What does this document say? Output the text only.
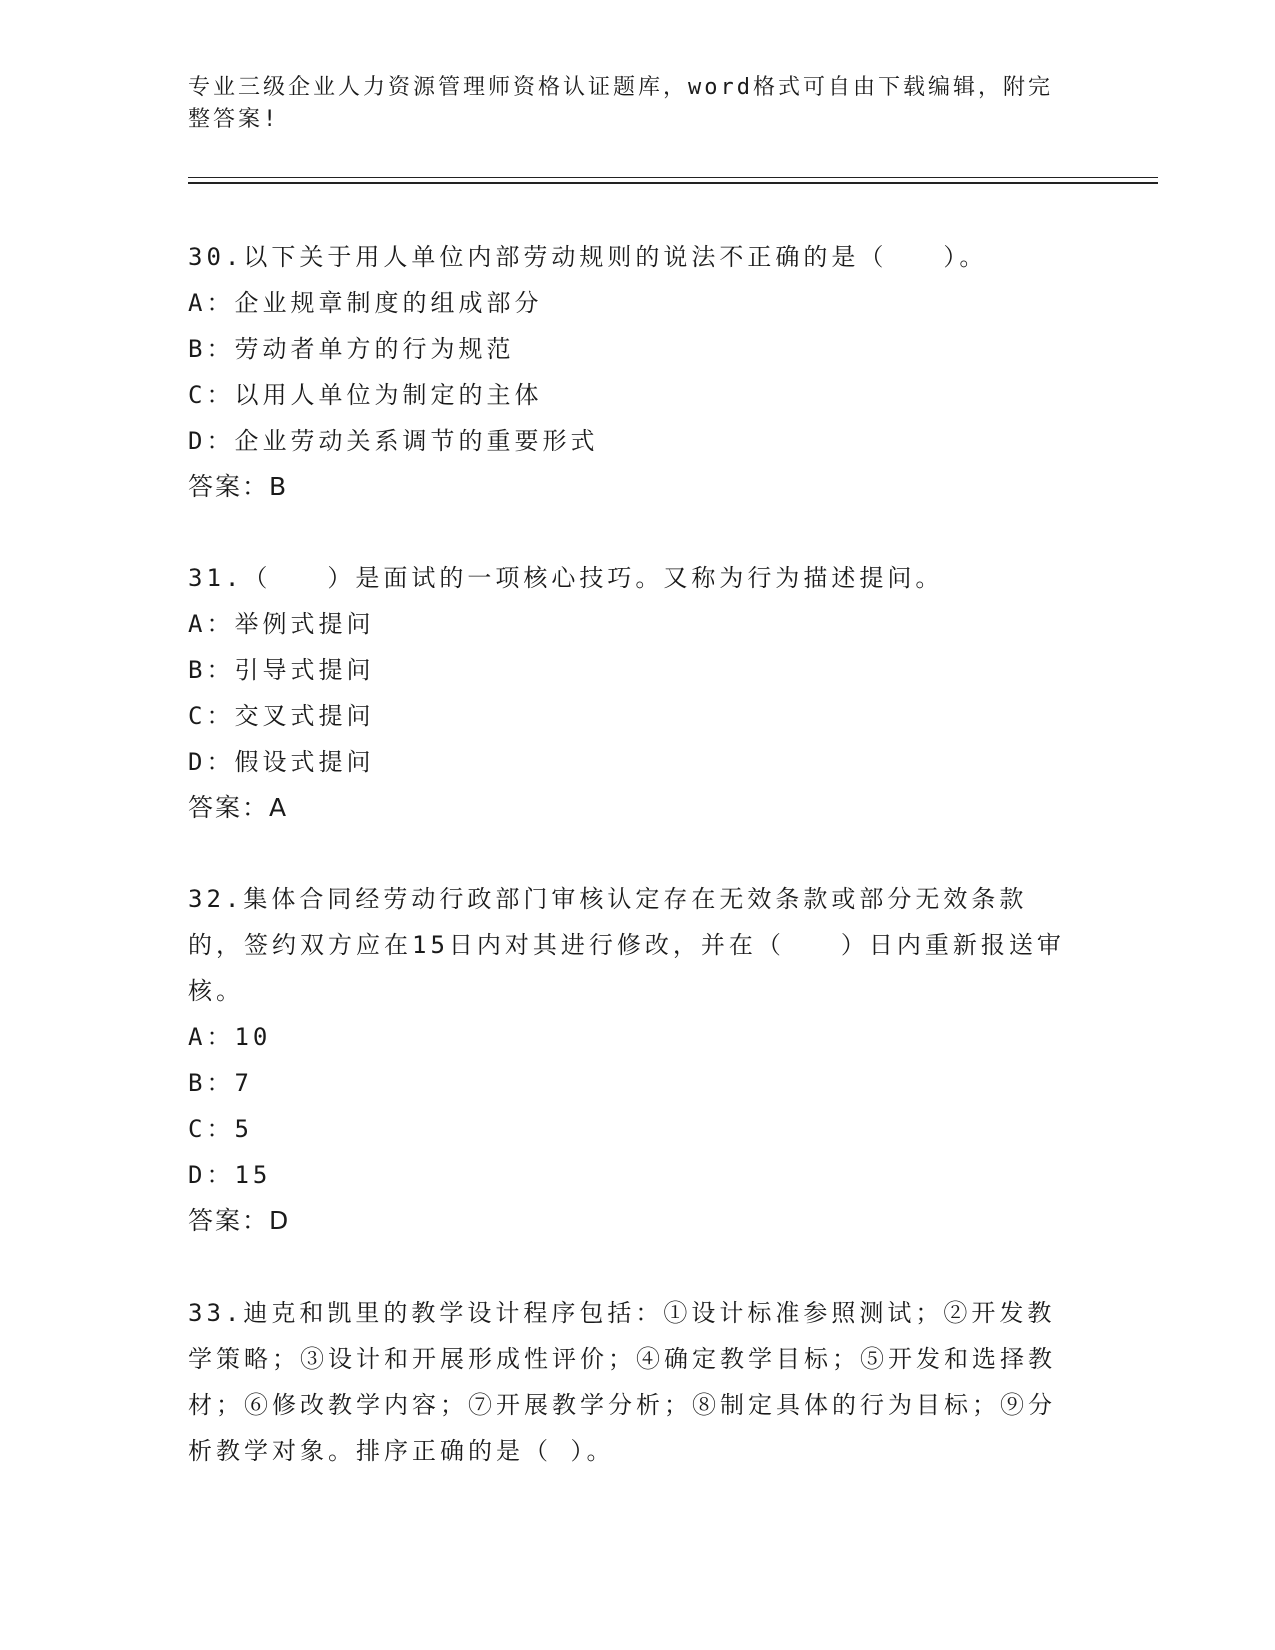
专业三级企业人力资源管理师资格认证题库，word格式可自由下载编辑，附完整答案!
30.以下关于用人单位内部劳动规则的说法不正确的是（　　）。
A：企业规章制度的组成部分
B：劳动者单方的行为规范
C：以用人单位为制定的主体
D：企业劳动关系调节的重要形式
答案：B
31.（　　）是面试的一项核心技巧。又称为行为描述提问。
A：举例式提问
B：引导式提问
C：交叉式提问
D：假设式提问
答案：A
32.集体合同经劳动行政部门审核认定存在无效条款或部分无效条款的，签约双方应在15日内对其进行修改，并在（　　）日内重新报送审核。
A：10
B：7
C：5
D：15
答案：D
33.迪克和凯里的教学设计程序包括：①设计标准参照测试；②开发教学策略；③设计和开展形成性评价；④确定教学目标；⑤开发和选择教材；⑥修改教学内容；⑦开展教学分析；⑧制定具体的行为目标；⑨分析教学对象。排序正确的是（ ）。
